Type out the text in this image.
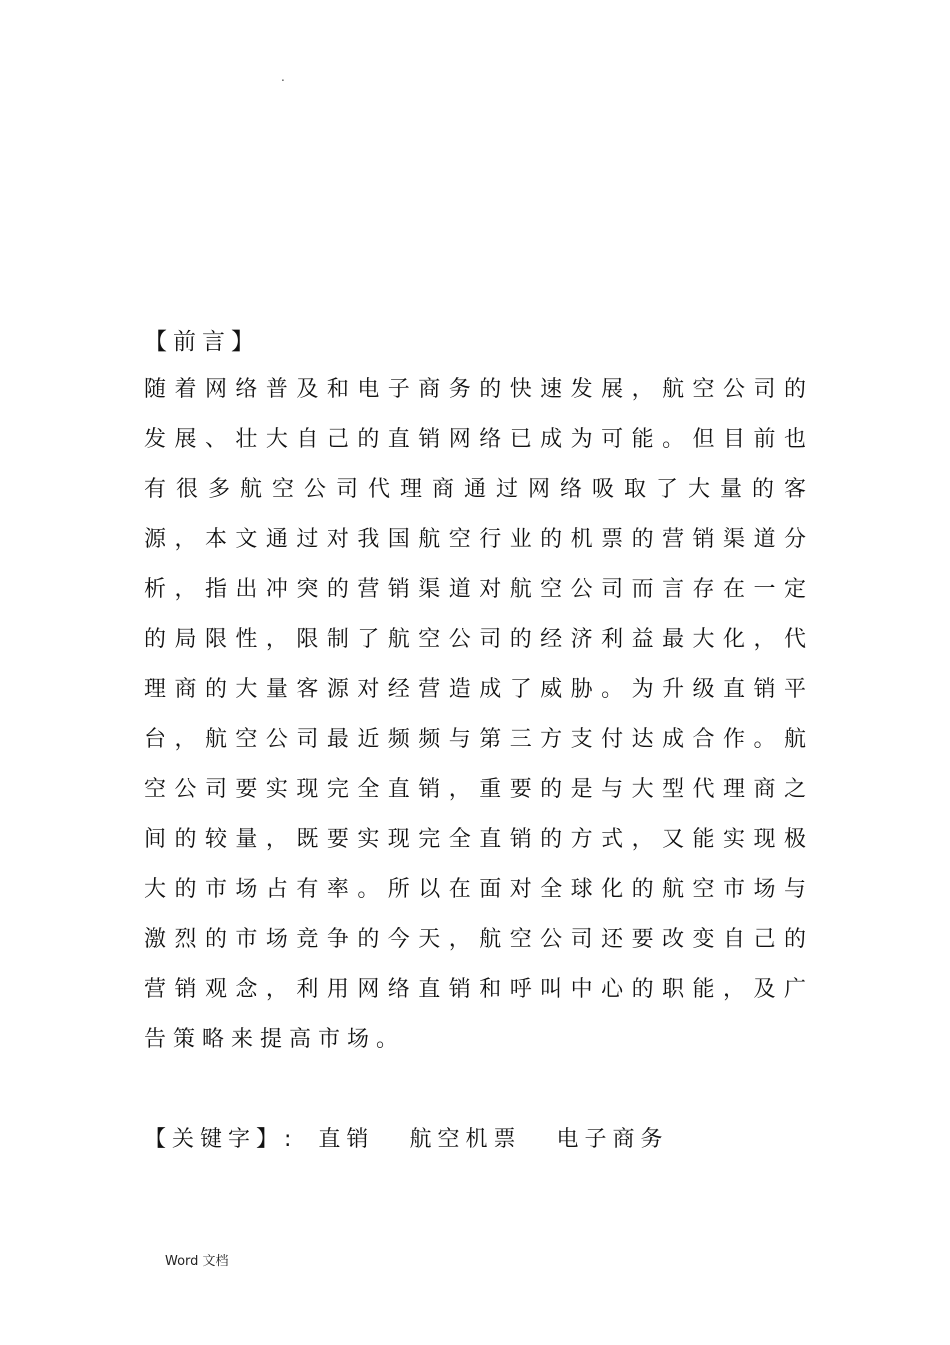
.
【前言】
随着网络普及和电子商务的快速发展，航空公司的
发展、壮大自己的直销网络已成为可能。但目前也
有很多航空公司代理商通过网络吸取了大量的客
源，本文通过对我国航空行业的机票的营销渠道分
析，指出冲突的营销渠道对航空公司而言存在一定
的局限性，限制了航空公司的经济利益最大化，代
理商的大量客源对经营造成了威胁。为升级直销平
台，航空公司最近频频与第三方支付达成合作。航
空公司要实现完全直销，重要的是与大型代理商之
间的较量，既要实现完全直销的方式，又能实现极
大的市场占有率。所以在面对全球化的航空市场与
激烈的市场竞争的今天，航空公司还要改变自己的
营销观念，利用网络直销和呼叫中心的职能，及广
告策略来提高市场。
【关键字】: 直销 航空机票 电子商务
Word 文档
